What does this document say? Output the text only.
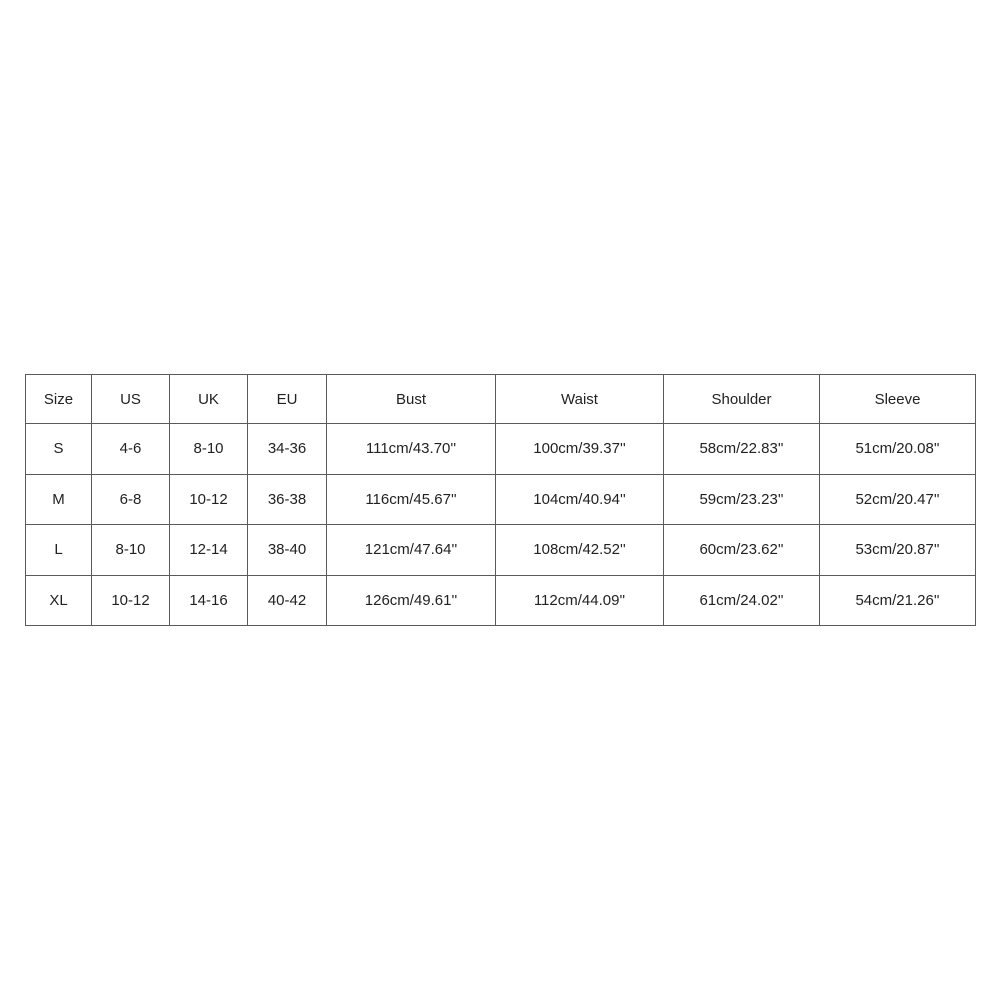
Size	US	UK	EU	Bust	Waist	Shoulder	Sleeve
S	4-6	8-10	34-36	111cm/43.70''	100cm/39.37''	58cm/22.83''	51cm/20.08''
M	6-8	10-12	36-38	116cm/45.67''	104cm/40.94''	59cm/23.23''	52cm/20.47''
L	8-10	12-14	38-40	121cm/47.64''	108cm/42.52''	60cm/23.62''	53cm/20.87''
XL	10-12	14-16	40-42	126cm/49.61''	112cm/44.09''	61cm/24.02''	54cm/21.26''
